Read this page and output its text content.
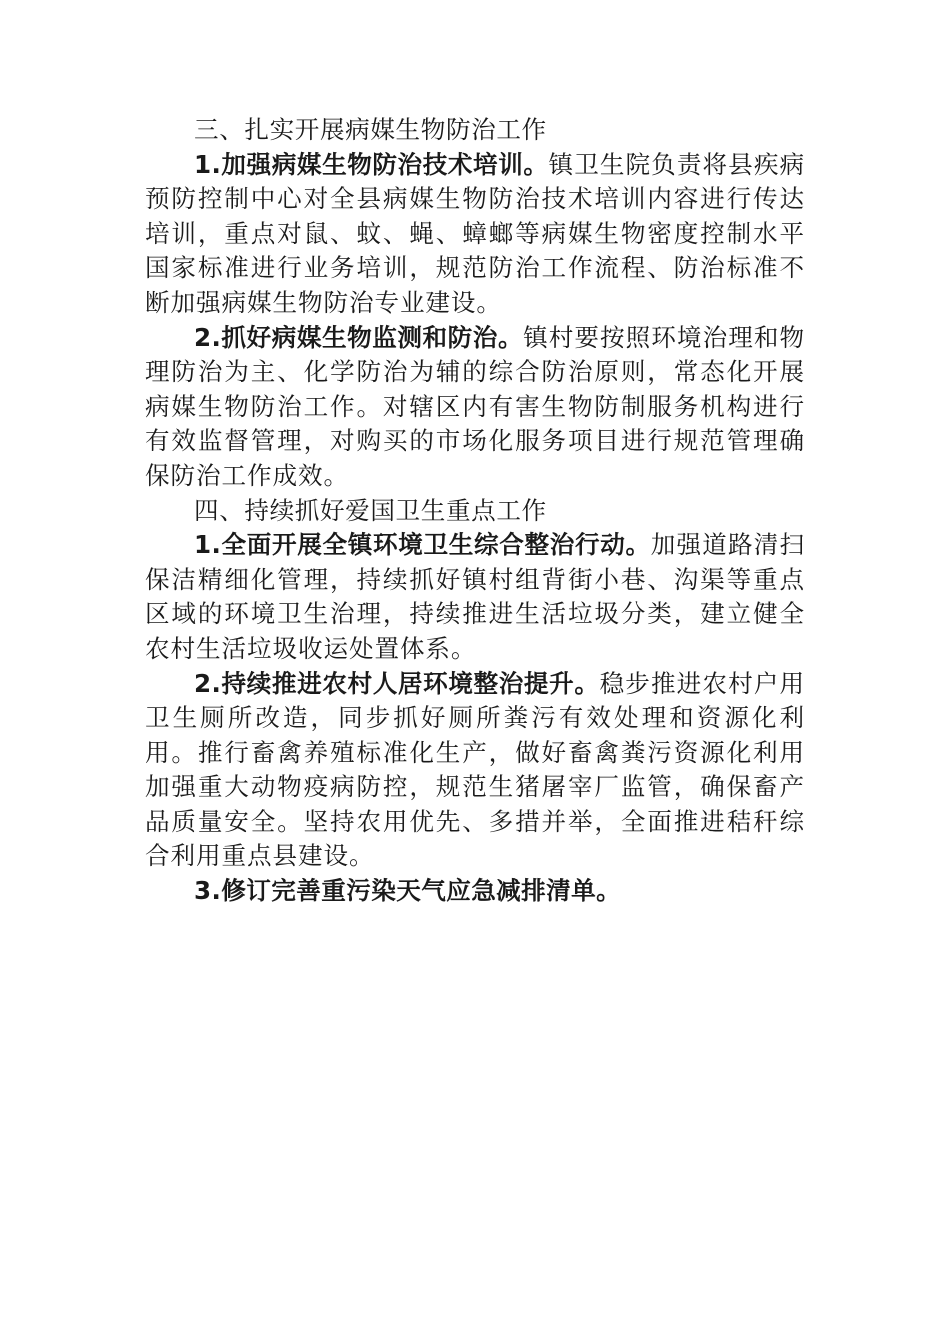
三、扎实开展病媒生物防治工作

1.加强病媒生物防治技术培训。镇卫生院负责将县疾病预防控制中心对全县病媒生物防治技术培训内容进行传达培训，重点对鼠、蚊、蝇、蟑螂等病媒生物密度控制水平国家标准进行业务培训，规范防治工作流程、防治标准不断加强病媒生物防治专业建设。

2.抓好病媒生物监测和防治。镇村要按照环境治理和物理防治为主、化学防治为辅的综合防治原则，常态化开展病媒生物防治工作。对辖区内有害生物防制服务机构进行有效监督管理，对购买的市场化服务项目进行规范管理确保防治工作成效。

四、持续抓好爱国卫生重点工作

1.全面开展全镇环境卫生综合整治行动。加强道路清扫保洁精细化管理，持续抓好镇村组背街小巷、沟渠等重点区域的环境卫生治理，持续推进生活垃圾分类，建立健全农村生活垃圾收运处置体系。

2.持续推进农村人居环境整治提升。稳步推进农村户用卫生厕所改造，同步抓好厕所粪污有效处理和资源化利用。推行畜禽养殖标准化生产，做好畜禽粪污资源化利用加强重大动物疫病防控，规范生猪屠宰厂监管，确保畜产品质量安全。坚持农用优先、多措并举，全面推进秸秆综合利用重点县建设。

3.修订完善重污染天气应急减排清单。
